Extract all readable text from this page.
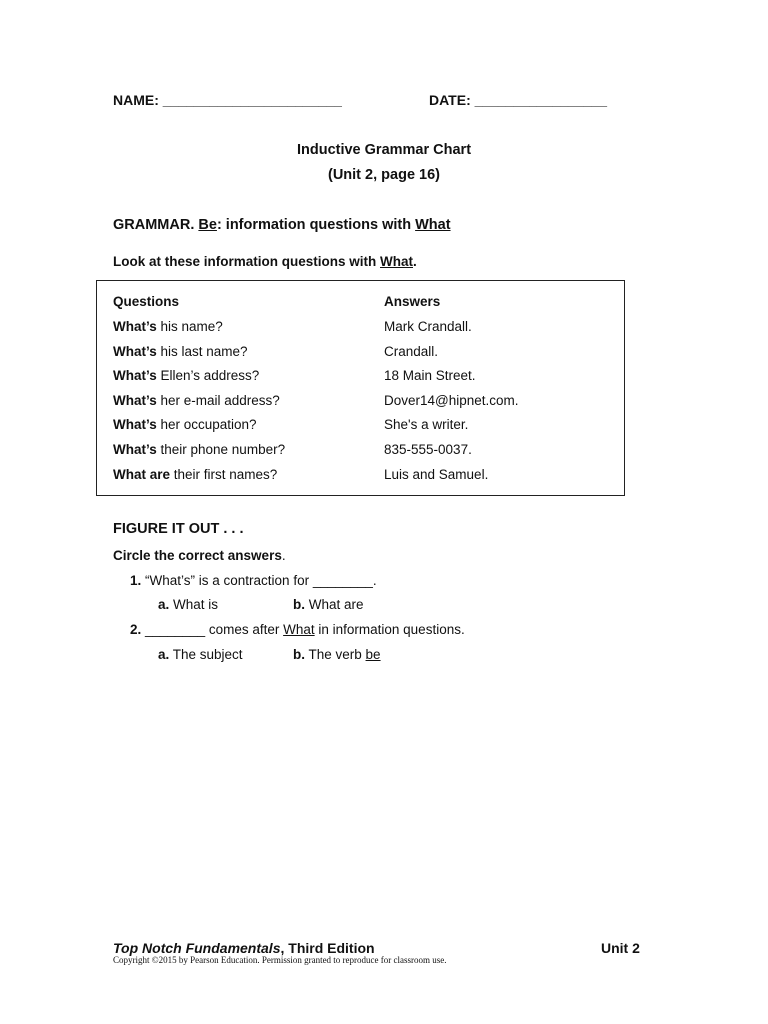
NAME: _______________________	DATE: _________________
Inductive Grammar Chart
(Unit 2, page 16)
GRAMMAR. Be: information questions with What
Look at these information questions with What.
Questions	Answers
What’s his name?	Mark Crandall.
What’s his last name?	Crandall.
What’s Ellen’s address?	18 Main Street.
What’s her e-mail address?	Dover14@hipnet.com.
What’s her occupation?	She's a writer.
What’s their phone number?	835-555-0037.
What are their first names?	Luis and Samuel.
FIGURE IT OUT . . .
Circle the correct answers.
1. “What’s” is a contraction for ________.
a. What is	b. What are
2. ________ comes after What in information questions.
a. The subject	b. The verb be
Top Notch Fundamentals, Third Edition	Unit 2
Copyright ©2015 by Pearson Education. Permission granted to reproduce for classroom use.
